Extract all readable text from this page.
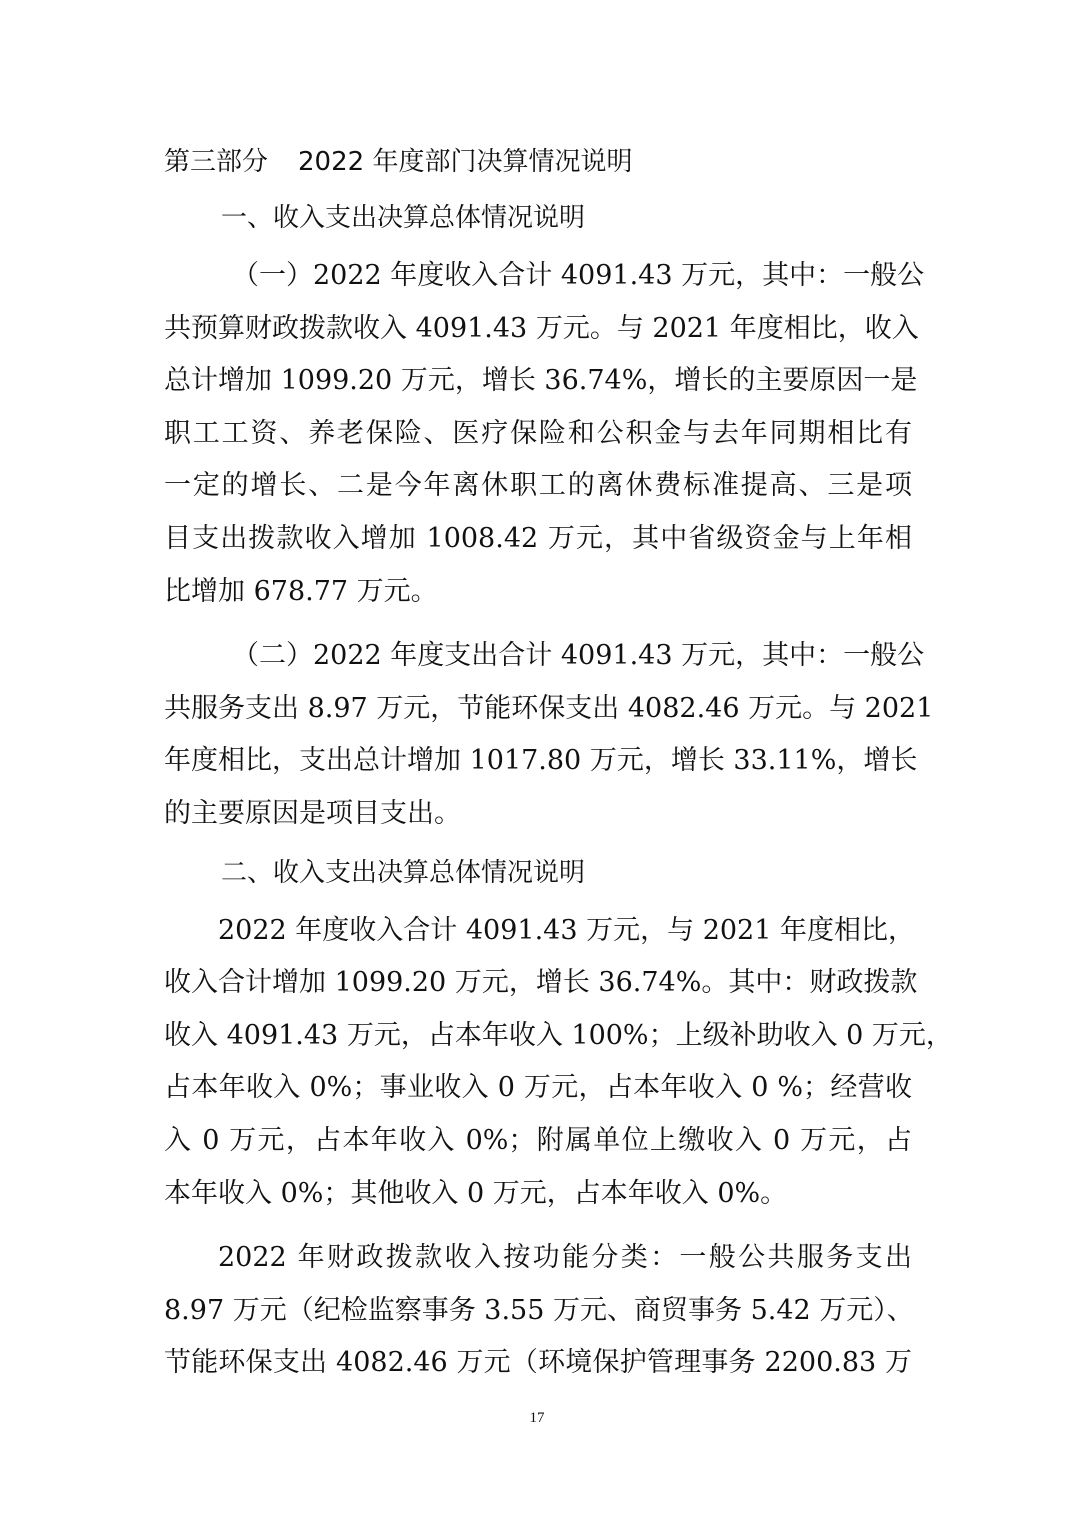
第三部分 2022 年度部门决算情况说明
一、收入支出决算总体情况说明
（一）2022 年度收入合计 4091.43 万元，其中：一般公
共预算财政拨款收入 4091.43 万元。与 2021 年度相比，收入
总计增加 1099.20 万元，增长 36.74%，增长的主要原因一是
职工工资、养老保险、医疗保险和公积金与去年同期相比有
一定的增长、二是今年离休职工的离休费标准提高、三是项
目支出拨款收入增加 1008.42 万元，其中省级资金与上年相
比增加 678.77 万元。
（二）2022 年度支出合计 4091.43 万元，其中：一般公
共服务支出 8.97 万元，节能环保支出 4082.46 万元。与 2021
年度相比，支出总计增加 1017.80 万元，增长 33.11%，增长
的主要原因是项目支出。
二、收入支出决算总体情况说明
2022 年度收入合计 4091.43 万元，与 2021 年度相比，
收入合计增加 1099.20 万元，增长 36.74%。其中：财政拨款
收入 4091.43 万元，占本年收入 100%；上级补助收入 0 万元，
占本年收入 0%；事业收入 0 万元，占本年收入 0 %；经营收
入 0 万元，占本年收入 0%；附属单位上缴收入 0 万元，占
本年收入 0%；其他收入 0 万元，占本年收入 0%。
2022 年财政拨款收入按功能分类：一般公共服务支出
8.97 万元（纪检监察事务 3.55 万元、商贸事务 5.42 万元）、
节能环保支出 4082.46 万元（环境保护管理事务 2200.83 万
17
